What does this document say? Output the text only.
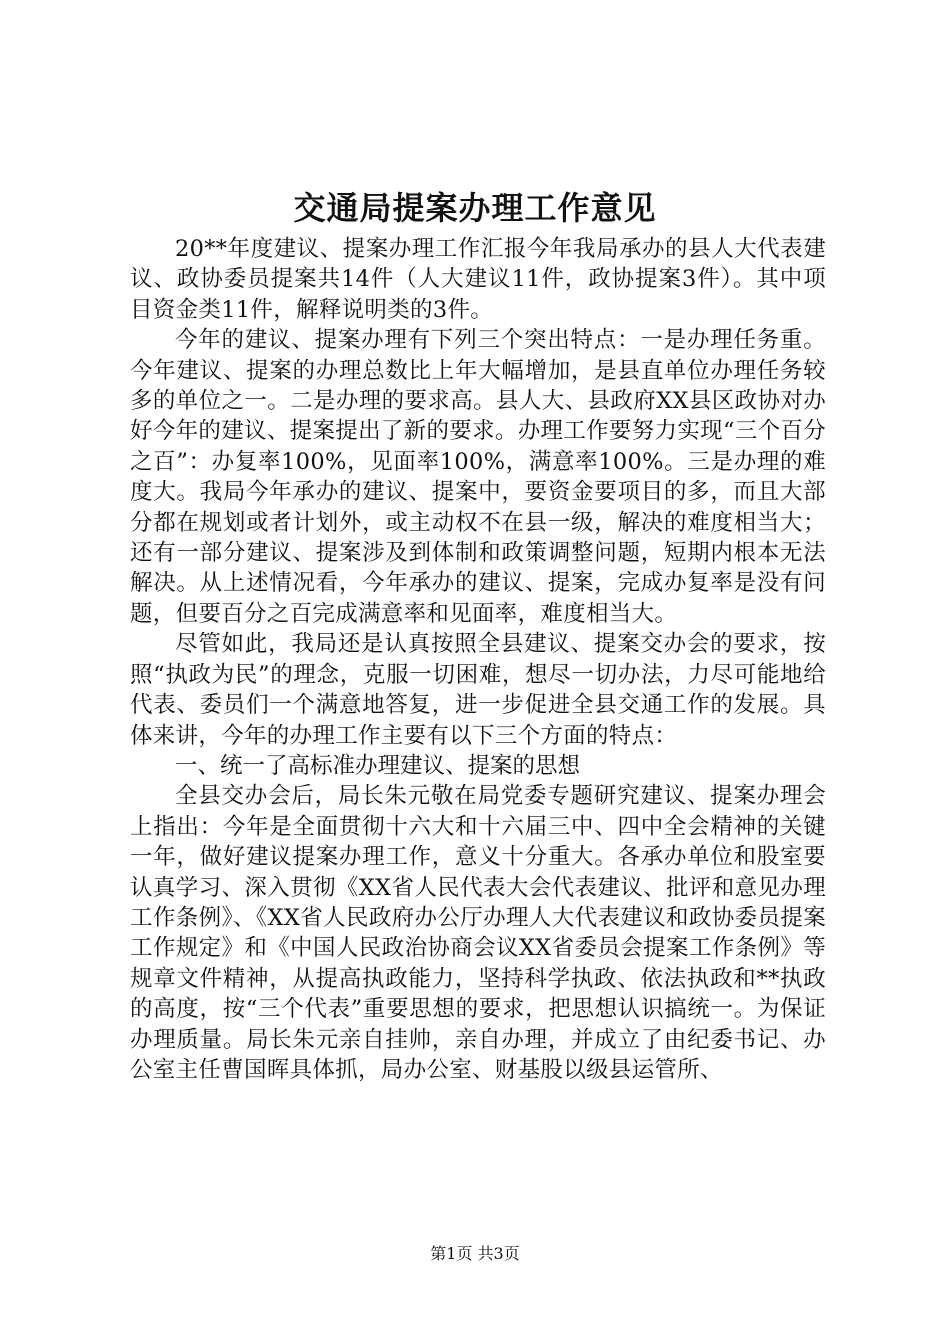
交通局提案办理工作意见

20**年度建议、提案办理工作汇报今年我局承办的县人大代表建议、政协委员提案共14件（人大建议11件，政协提案3件）。其中项目资金类11件，解释说明类的3件。

今年的建议、提案办理有下列三个突出特点：一是办理任务重。今年建议、提案的办理总数比上年大幅增加，是县直单位办理任务较多的单位之一。二是办理的要求高。县人大、县政府XX县区政协对办好今年的建议、提案提出了新的要求。办理工作要努力实现“三个百分之百”：办复率100%，见面率100%，满意率100%。三是办理的难度大。我局今年承办的建议、提案中，要资金要项目的多，而且大部分都在规划或者计划外，或主动权不在县一级，解决的难度相当大；还有一部分建议、提案涉及到体制和政策调整问题，短期内根本无法解决。从上述情况看，今年承办的建议、提案，完成办复率是没有问题，但要百分之百完成满意率和见面率，难度相当大。

尽管如此，我局还是认真按照全县建议、提案交办会的要求，按照“执政为民”的理念，克服一切困难，想尽一切办法，力尽可能地给代表、委员们一个满意地答复，进一步促进全县交通工作的发展。具体来讲，今年的办理工作主要有以下三个方面的特点：

一、统一了高标准办理建议、提案的思想

全县交办会后，局长朱元敬在局党委专题研究建议、提案办理会上指出：今年是全面贯彻十六大和十六届三中、四中全会精神的关键一年，做好建议提案办理工作，意义十分重大。各承办单位和股室要认真学习、深入贯彻《XX省人民代表大会代表建议、批评和意见办理工作条例》、《XX省人民政府办公厅办理人大代表建议和政协委员提案工作规定》和《中国人民政治协商会议XX省委员会提案工作条例》等规章文件精神，从提高执政能力，坚持科学执政、依法执政和**执政的高度，按“三个代表”重要思想的要求，把思想认识搞统一。为保证办理质量。局长朱元亲自挂帅，亲自办理，并成立了由纪委书记、办公室主任曹国晖具体抓，局办公室、财基股以级县运管所、

第1页 共3页
